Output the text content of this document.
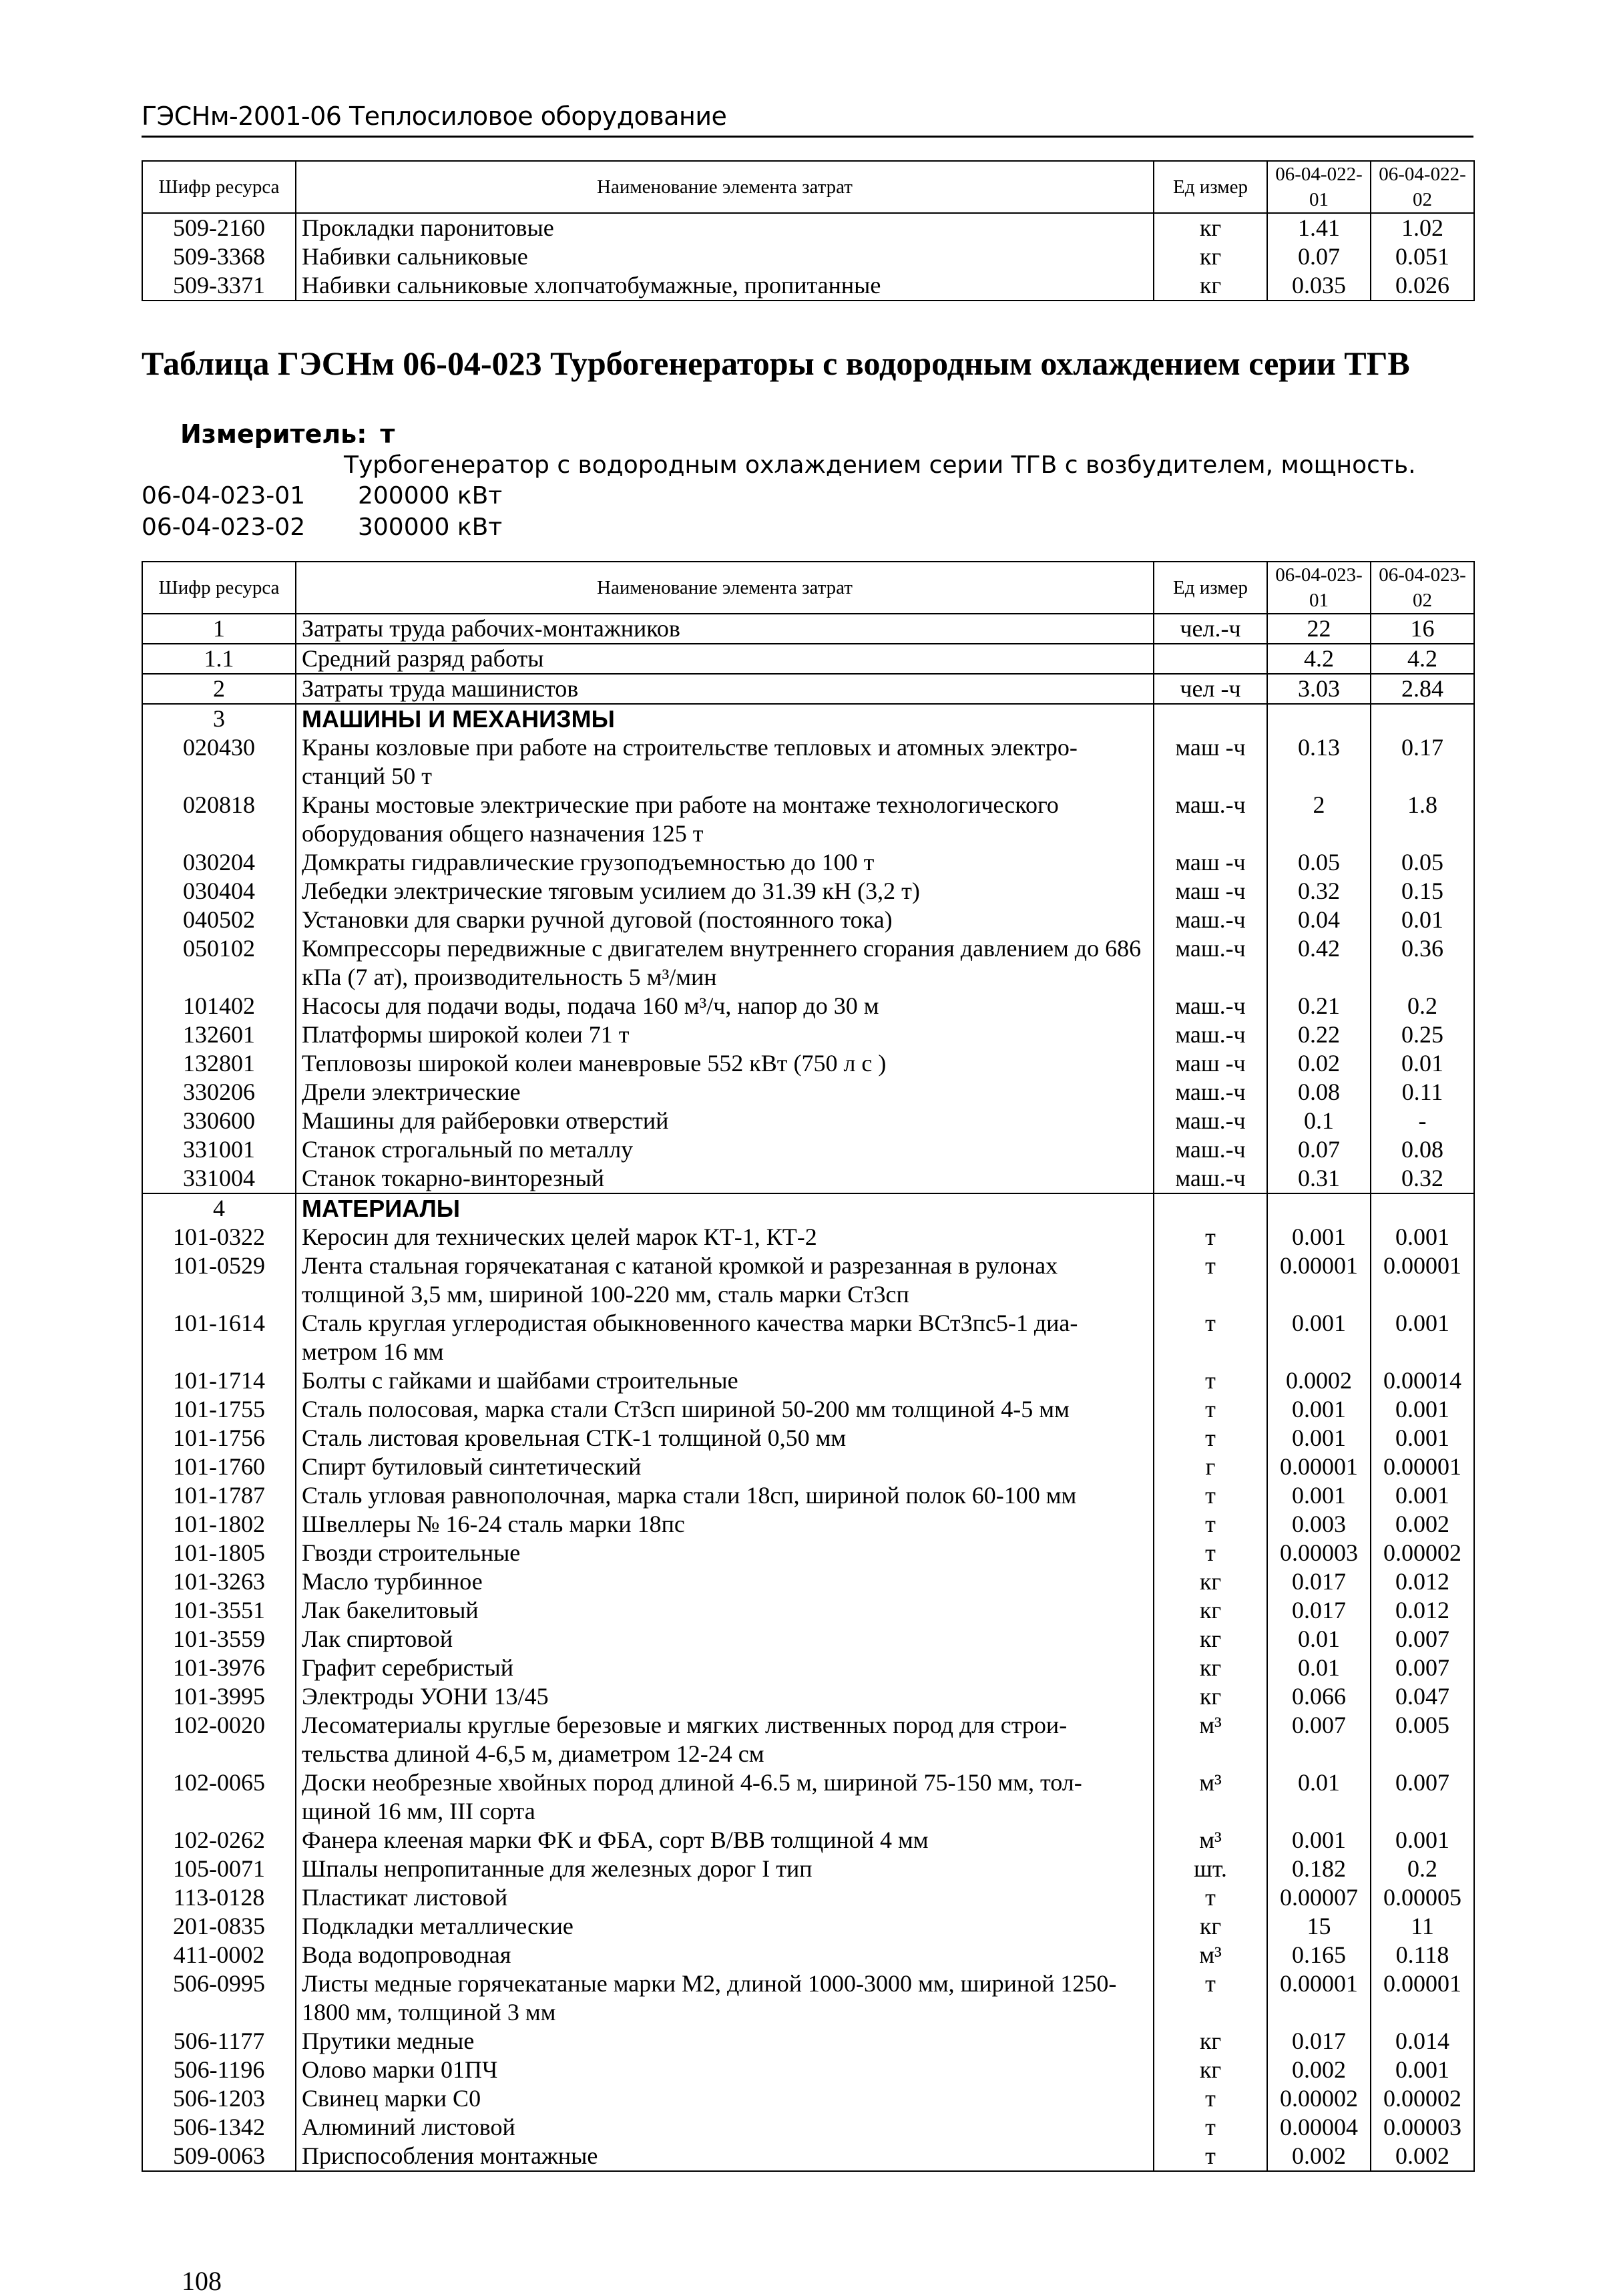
ГЭСНм-2001-06 Теплосиловое оборудование
Шифр ресурса	Наименование элемента затрат	Ед измер	06-04-022-01	06-04-022-02
509-2160	Прокладки паронитовые	кг	1.41	1.02
509-3368	Набивки сальниковые	кг	0.07	0.051
509-3371	Набивки сальниковые хлопчатобумажные, пропитанные	кг	0.035	0.026
Таблица ГЭСНм 06-04-023 Турбогенераторы с водородным охлаждением серии ТГВ
Измеритель: т
Турбогенератор с водородным охлаждением серии ТГВ с возбудителем, мощность.
06-04-023-01 200000 кВт
06-04-023-02 300000 кВт
Шифр ресурса	Наименование элемента затрат	Ед измер	06-04-023-01	06-04-023-02
1	Затраты труда рабочих-монтажников	чел.-ч	22	16
1.1	Средний разряд работы		4.2	4.2
2	Затраты труда машинистов	чел -ч	3.03	2.84
3	МАШИНЫ И МЕХАНИЗМЫ			
020430	Краны козловые при работе на строительстве тепловых и атомных электро-станций 50 т	маш -ч	0.13	0.17
020818	Краны мостовые электрические при работе на монтаже технологического оборудования общего назначения 125 т	маш.-ч	2	1.8
030204	Домкраты гидравлические грузоподъемностью до 100 т	маш -ч	0.05	0.05
030404	Лебедки электрические тяговым усилием до 31.39 кН (3,2 т)	маш -ч	0.32	0.15
040502	Установки для сварки ручной дуговой (постоянного тока)	маш.-ч	0.04	0.01
050102	Компрессоры передвижные с двигателем внутреннего сгорания давлением до 686 кПа (7 ат), производительность 5 м³/мин	маш.-ч	0.42	0.36
101402	Насосы для подачи воды, подача 160 м³/ч, напор до 30 м	маш.-ч	0.21	0.2
132601	Платформы широкой колеи 71 т	маш.-ч	0.22	0.25
132801	Тепловозы широкой колеи маневровые 552 кВт (750 л с )	маш -ч	0.02	0.01
330206	Дрели электрические	маш.-ч	0.08	0.11
330600	Машины для райберовки отверстий	маш.-ч	0.1	-
331001	Станок строгальный по металлу	маш.-ч	0.07	0.08
331004	Станок токарно-винторезный	маш.-ч	0.31	0.32
4	МАТЕРИАЛЫ			
101-0322	Керосин для технических целей марок КТ-1, КТ-2	т	0.001	0.001
101-0529	Лента стальная горячекатаная с катаной кромкой и разрезанная в рулонах толщиной 3,5 мм, шириной 100-220 мм, сталь марки Ст3сп	т	0.00001	0.00001
101-1614	Сталь круглая углеродистая обыкновенного качества марки ВСт3пс5-1 диа-метром 16 мм	т	0.001	0.001
101-1714	Болты с гайками и шайбами строительные	т	0.0002	0.00014
101-1755	Сталь полосовая, марка стали Ст3сп шириной 50-200 мм толщиной 4-5 мм	т	0.001	0.001
101-1756	Сталь листовая кровельная СТК-1 толщиной 0,50 мм	т	0.001	0.001
101-1760	Спирт бутиловый синтетический	г	0.00001	0.00001
101-1787	Сталь угловая равнополочная, марка стали 18сп, шириной полок 60-100 мм	т	0.001	0.001
101-1802	Швеллеры № 16-24 сталь марки 18пс	т	0.003	0.002
101-1805	Гвозди строительные	т	0.00003	0.00002
101-3263	Масло турбинное	кг	0.017	0.012
101-3551	Лак бакелитовый	кг	0.017	0.012
101-3559	Лак спиртовой	кг	0.01	0.007
101-3976	Графит серебристый	кг	0.01	0.007
101-3995	Электроды УОНИ 13/45	кг	0.066	0.047
102-0020	Лесоматериалы круглые березовые и мягких лиственных пород для строи-тельства длиной 4-6,5 м, диаметром 12-24 см	м³	0.007	0.005
102-0065	Доски необрезные хвойных пород длиной 4-6.5 м, шириной 75-150 мм, тол-щиной 16 мм, III сорта	м³	0.01	0.007
102-0262	Фанера клееная марки ФК и ФБА, сорт В/ВВ толщиной 4 мм	м³	0.001	0.001
105-0071	Шпалы непропитанные для железных дорог I тип	шт.	0.182	0.2
113-0128	Пластикат листовой	т	0.00007	0.00005
201-0835	Подкладки металлические	кг	15	11
411-0002	Вода водопроводная	м³	0.165	0.118
506-0995	Листы медные горячекатаные марки М2, длиной 1000-3000 мм, шириной 1250-1800 мм, толщиной 3 мм	т	0.00001	0.00001
506-1177	Прутики медные	кг	0.017	0.014
506-1196	Олово марки 01ПЧ	кг	0.002	0.001
506-1203	Свинец марки С0	т	0.00002	0.00002
506-1342	Алюминий листовой	т	0.00004	0.00003
509-0063	Приспособления монтажные	т	0.002	0.002
108
